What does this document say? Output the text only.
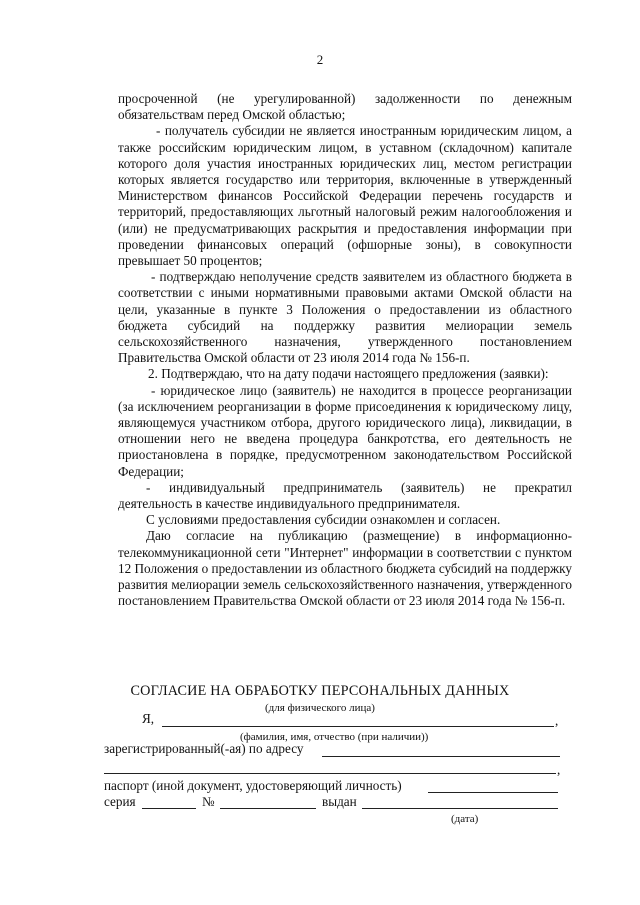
2

просроченной (не урегулированной) задолженности по денежным обязательствам перед Омской областью;

- получатель субсидии не является иностранным юридическим лицом, а также российским юридическим лицом, в уставном (складочном) капитале которого доля участия иностранных юридических лиц, местом регистрации которых является государство или территория, включенные в утвержденный Министерством финансов Российской Федерации перечень государств и территорий, предоставляющих льготный налоговый режим налогообложения и (или) не предусматривающих раскрытия и предоставления информации при проведении финансовых операций (офшорные зоны), в совокупности превышает 50 процентов;

- подтверждаю неполучение средств заявителем из областного бюджета в соответствии с иными нормативными правовыми актами Омской области на цели, указанные в пункте 3 Положения о предоставлении из областного бюджета субсидий на поддержку развития мелиорации земель сельскохозяйственного назначения, утвержденного постановлением Правительства Омской области от 23 июля 2014 года № 156-п.

2. Подтверждаю, что на дату подачи настоящего предложения (заявки):

- юридическое лицо (заявитель) не находится в процессе реорганизации (за исключением реорганизации в форме присоединения к юридическому лицу, являющемуся участником отбора, другого юридического лица), ликвидации, в отношении него не введена процедура банкротства, его деятельность не приостановлена в порядке, предусмотренном законодательством Российской Федерации;

- индивидуальный предприниматель (заявитель) не прекратил деятельность в качестве индивидуального предпринимателя.

С условиями предоставления субсидии ознакомлен и согласен.

Даю согласие на публикацию (размещение) в информационно-телекоммуникационной сети "Интернет" информации в соответствии с пунктом 12 Положения о предоставлении из областного бюджета субсидий на поддержку развития мелиорации земель сельскохозяйственного назначения, утвержденного постановлением Правительства Омской области от 23 июля 2014 года № 156-п.

СОГЛАСИЕ НА ОБРАБОТКУ ПЕРСОНАЛЬНЫХ ДАННЫХ
(для физического лица)
Я,	,
(фамилия, имя, отчество (при наличии))
зарегистрированный(-ая) по адресу
,
паспорт (иной документ, удостоверяющий личность)
серия	№	выдан
(дата)
